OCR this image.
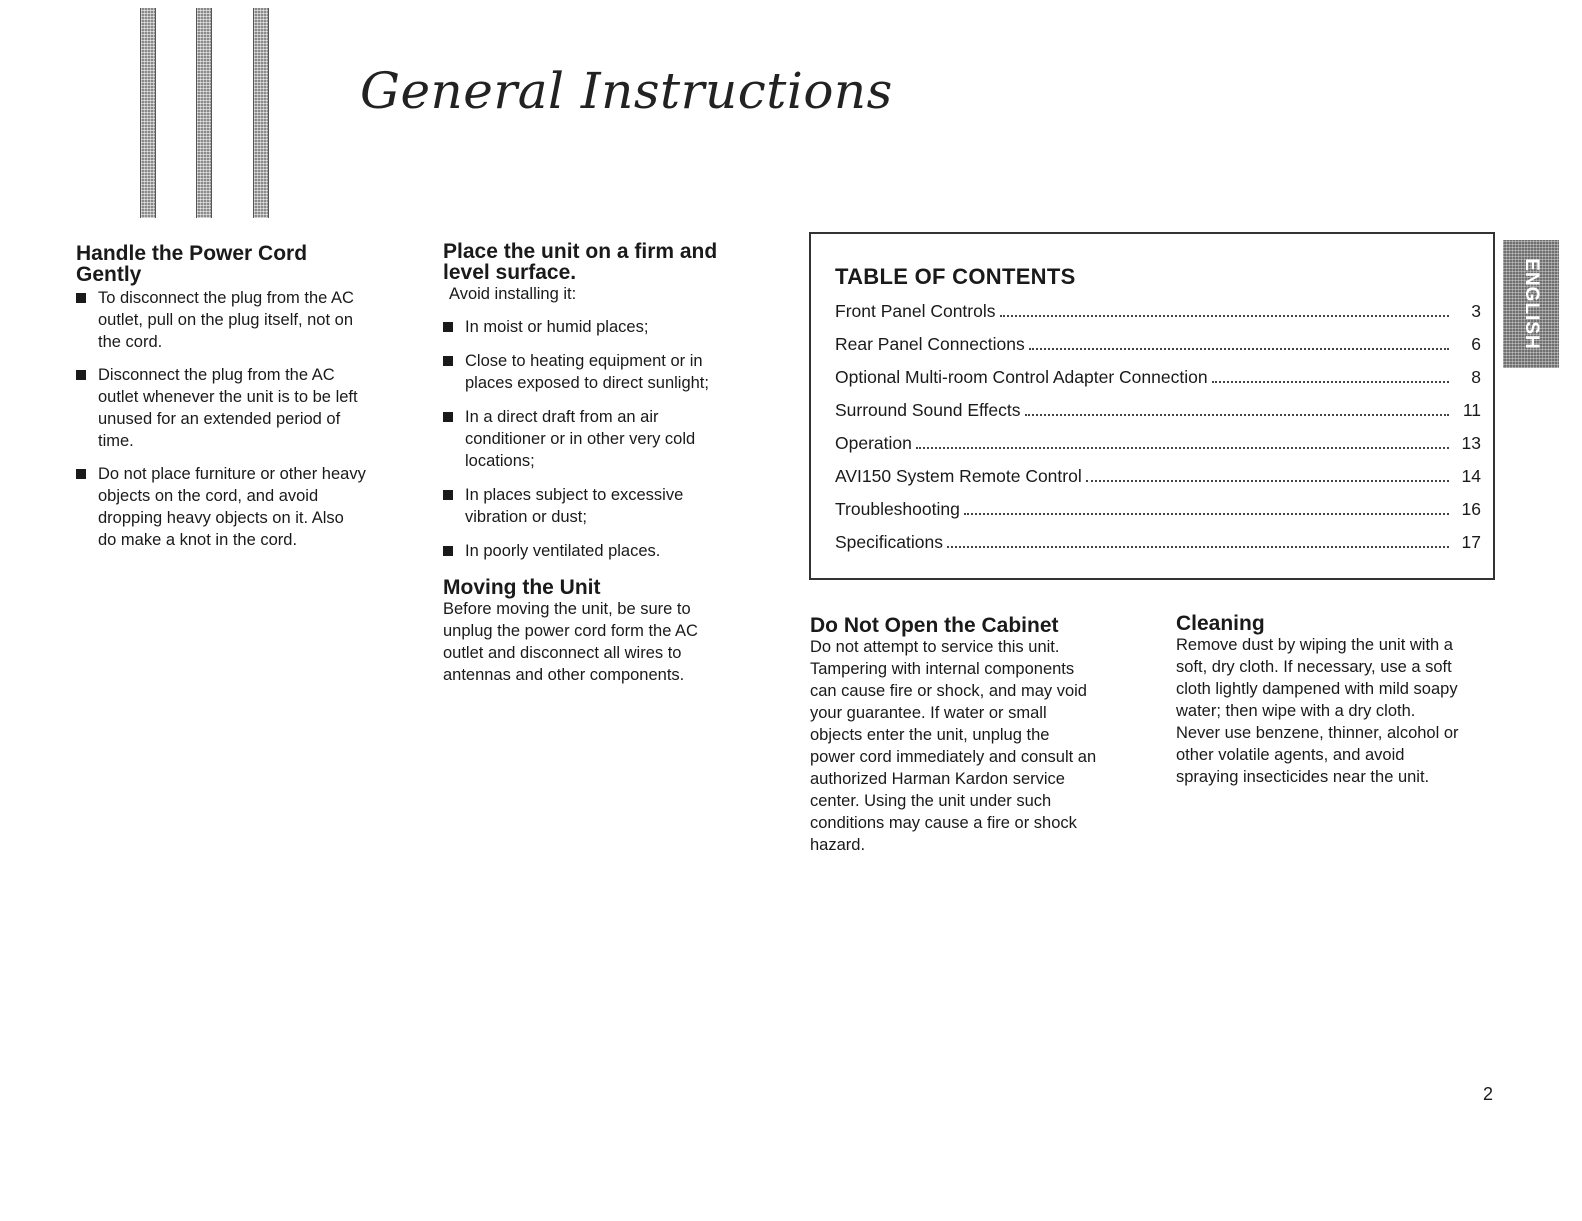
General Instructions
Handle the Power Cord
Gently
To disconnect the plug from the AC
outlet, pull on the plug itself, not on
the cord.
Disconnect the plug from the AC
outlet whenever the unit is to be left
unused for an extended period of
time.
Do not place furniture or other heavy
objects on the cord, and avoid
dropping heavy objects on it. Also
do make a knot in the cord.
Place the unit on a firm and
level surface.

Avoid installing it:

In moist or humid places;
Close to heating equipment or in
places exposed to direct sunlight;
In a direct draft from an air
conditioner or in other very cold
locations;
In places subject to excessive
vibration or dust;
In poorly ventilated places.
Moving the Unit

Before moving the unit, be sure to
unplug the power cord form the AC
outlet and disconnect all wires to
antennas and other components.

TABLE OF CONTENTS
Front Panel Controls	3
Rear Panel Connections	6
Optional Multi-room Control Adapter Connection	8
Surround Sound Effects	11
Operation	13
AVI150 System Remote Control	14
Troubleshooting	16
Specifications	17
ENGLISH
Do Not Open the Cabinet

Do not attempt to service this unit.
Tampering with internal components
can cause fire or shock, and may void
your guarantee. If water or small
objects enter the unit, unplug the
power cord immediately and consult an
authorized Harman Kardon service
center. Using the unit under such
conditions may cause a fire or shock
hazard.

Cleaning

Remove dust by wiping the unit with a
soft, dry cloth. If necessary, use a soft
cloth lightly dampened with mild soapy
water; then wipe with a dry cloth.
Never use benzene, thinner, alcohol or
other volatile agents, and avoid
spraying insecticides near the unit.

2
